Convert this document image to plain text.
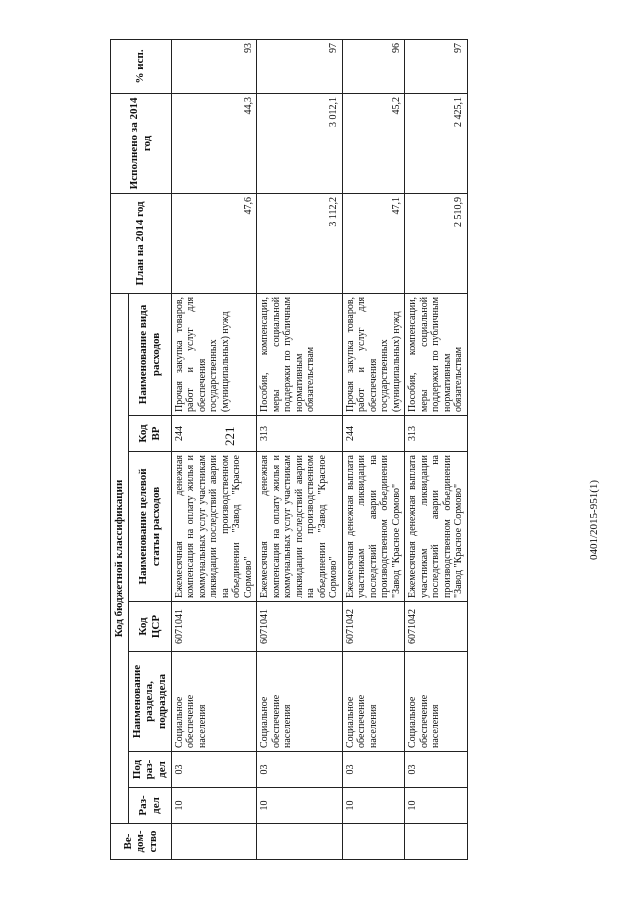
221
Ве-дом-ство	Код бюджетной классификации							План на 2014 год	Исполнено за 2014 год	% исп.
	Раз-дел	Под раз-дел	Наименование раздела, подраздела	Код ЦСР	Наименование целевой статьи расходов	Код ВР	Наименование вида расходов			
	10	03	Социальное обеспечение населения	6071041	Ежемесячная денежная компенсация на оплату жилья и коммунальных услуг участникам ликвидации последствий аварии на производственном объединении "Завод "Красное Сормово"	244	Прочая закупка товаров, работ и услуг для обеспечения государственных (муниципальных) нужд	47,6	44,3	93
	10	03	Социальное обеспечение населения	6071041	Ежемесячная денежная компенсация на оплату жилья и коммунальных услуг участникам ликвидации последствий аварии на производственном объединении "Завод "Красное Сормово"	313	Пособия, компенсации, меры социальной поддержки по публичным нормативным обязательствам	3 112,2	3 012,1	97
	10	03	Социальное обеспечение населения	6071042	Ежемесячная денежная выплата участникам ликвидации последствий аварии на производственном объединении "Завод "Красное Сормово"	244	Прочая закупка товаров, работ и услуг для обеспечения государственных (муниципальных) нужд	47,1	45,2	96
	10	03	Социальное обеспечение населения	6071042	Ежемесячная денежная выплата участникам ликвидации последствий аварии на производственном объединении "Завод "Красное Сормово"	313	Пособия, компенсации, меры социальной поддержки по публичным нормативным обязательствам	2 510,9	2 425,1	97
0401/2015-951(1)
